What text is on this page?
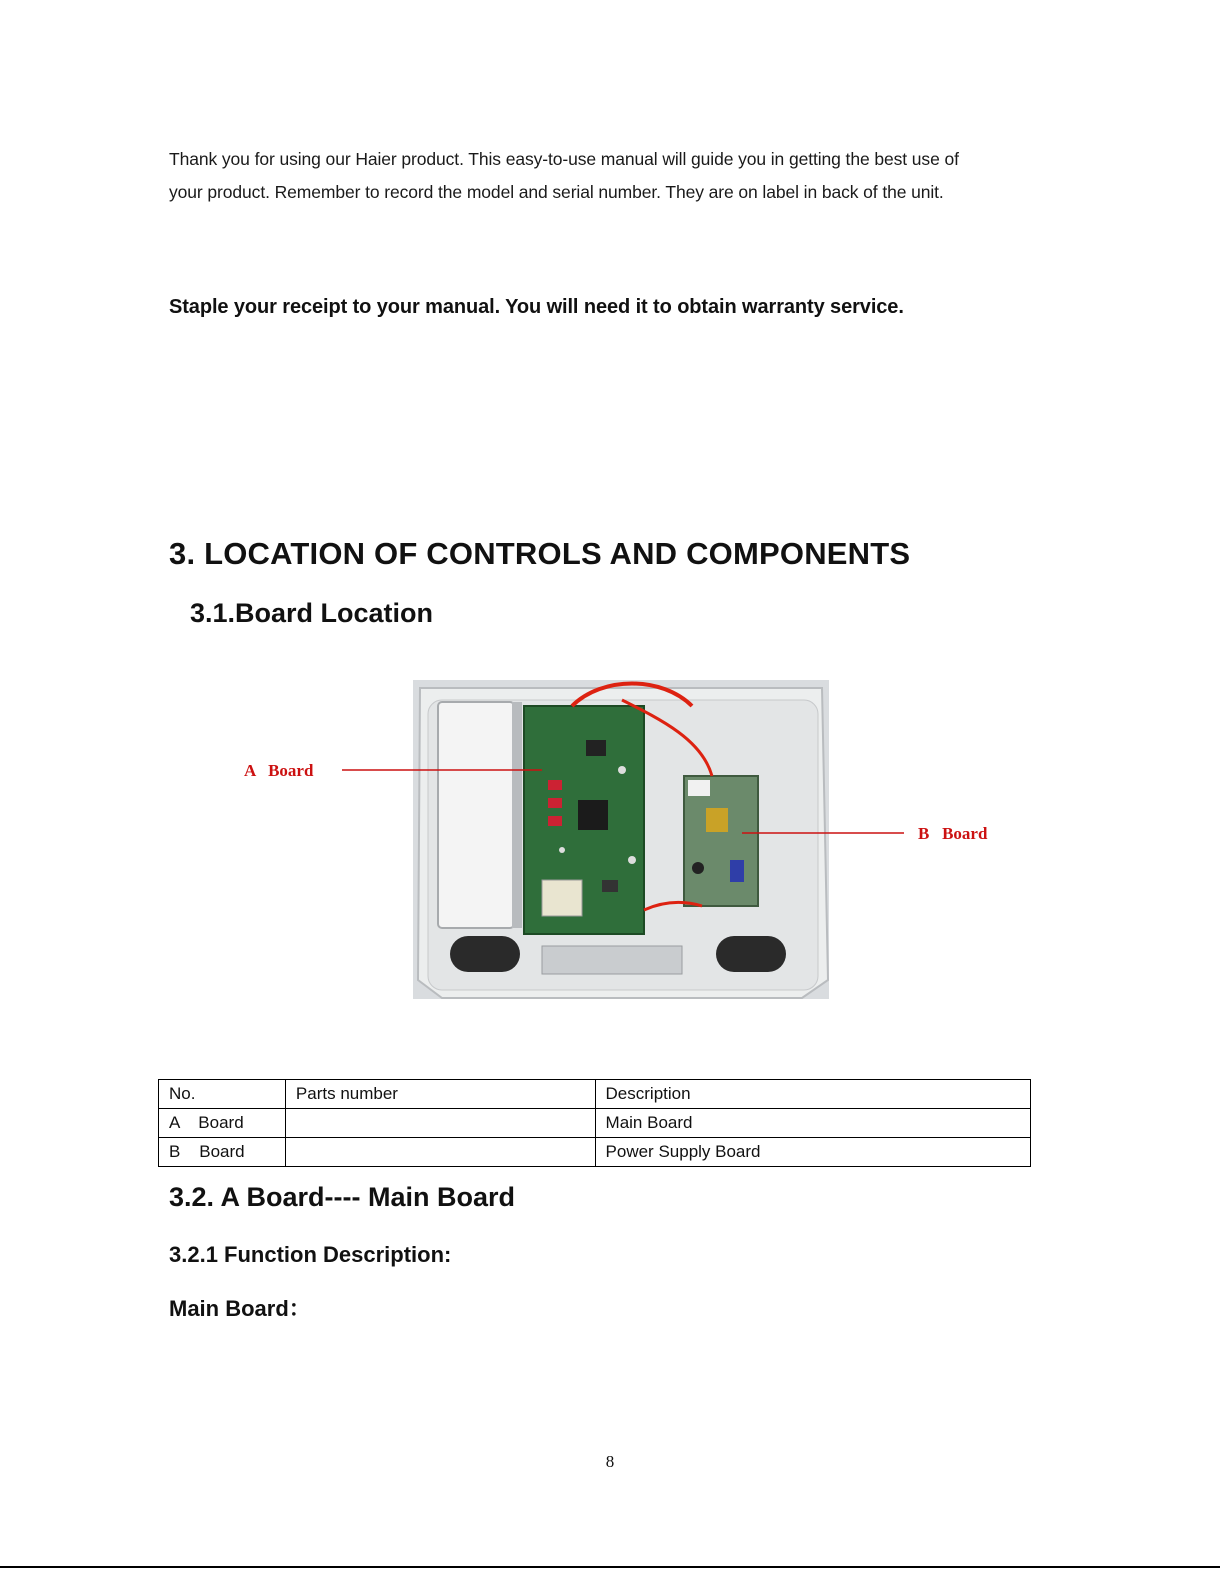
Thank you for using our Haier product. This easy-to-use manual will guide you in getting the best use of

your product. Remember to record the model and serial number. They are on label in back of the unit.

Staple your receipt to your manual. You will need it to obtain warranty service.
3. LOCATION OF CONTROLS AND COMPONENTS
3.1.Board Location
A   Board
B   Board
No.	Parts number	Description
A    Board		Main Board
B    Board		Power Supply Board
3.2. A Board---- Main Board
3.2.1 Function Description:
Main Board：
8
